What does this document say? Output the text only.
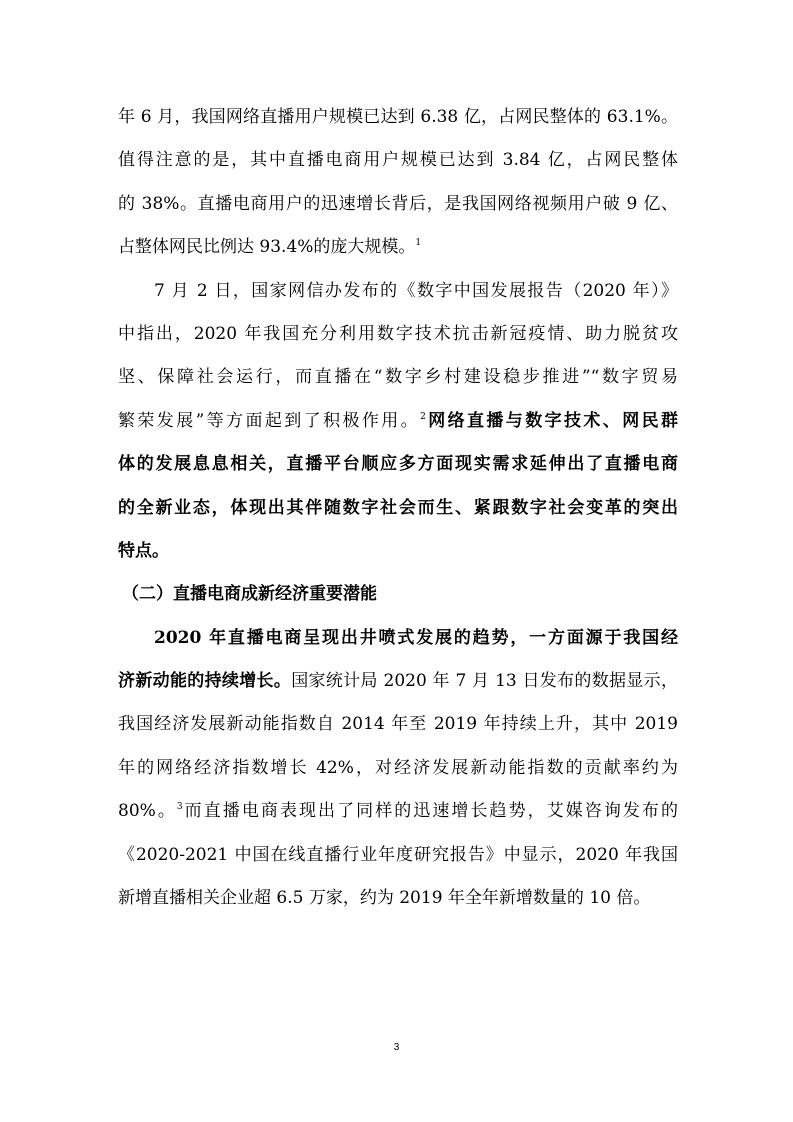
年 6 月，我国网络直播用户规模已达到 6.38 亿，占网民整体的 63.1%。
值得注意的是，其中直播电商用户规模已达到 3.84 亿，占网民整体
的 38%。直播电商用户的迅速增长背后，是我国网络视频用户破 9 亿、
占整体网民比例达 93.4%的庞大规模。$^1$
7 月 2 日，国家网信办发布的《数字中国发展报告（2020 年）》
中指出，2020 年我国充分利用数字技术抗击新冠疫情、助力脱贫攻
坚、保障社会运行，而直播在“数字乡村建设稳步推进”“数字贸易
繁荣发展”等方面起到了积极作用。$^2$网络直播与数字技术、网民群
体的发展息息相关，直播平台顺应多方面现实需求延伸出了直播电商
的全新业态，体现出其伴随数字社会而生、紧跟数字社会变革的突出
特点。
（二）直播电商成新经济重要潜能
2020 年直播电商呈现出井喷式发展的趋势，一方面源于我国经
济新动能的持续增长。国家统计局 2020 年 7 月 13 日发布的数据显示，
我国经济发展新动能指数自 2014 年至 2019 年持续上升，其中 2019
年的网络经济指数增长 42%，对经济发展新动能指数的贡献率约为
80%。$^3$而直播电商表现出了同样的迅速增长趋势，艾媒咨询发布的
《2020-2021 中国在线直播行业年度研究报告》中显示，2020 年我国
新增直播相关企业超 6.5 万家，约为 2019 年全年新增数量的 10 倍。
3
